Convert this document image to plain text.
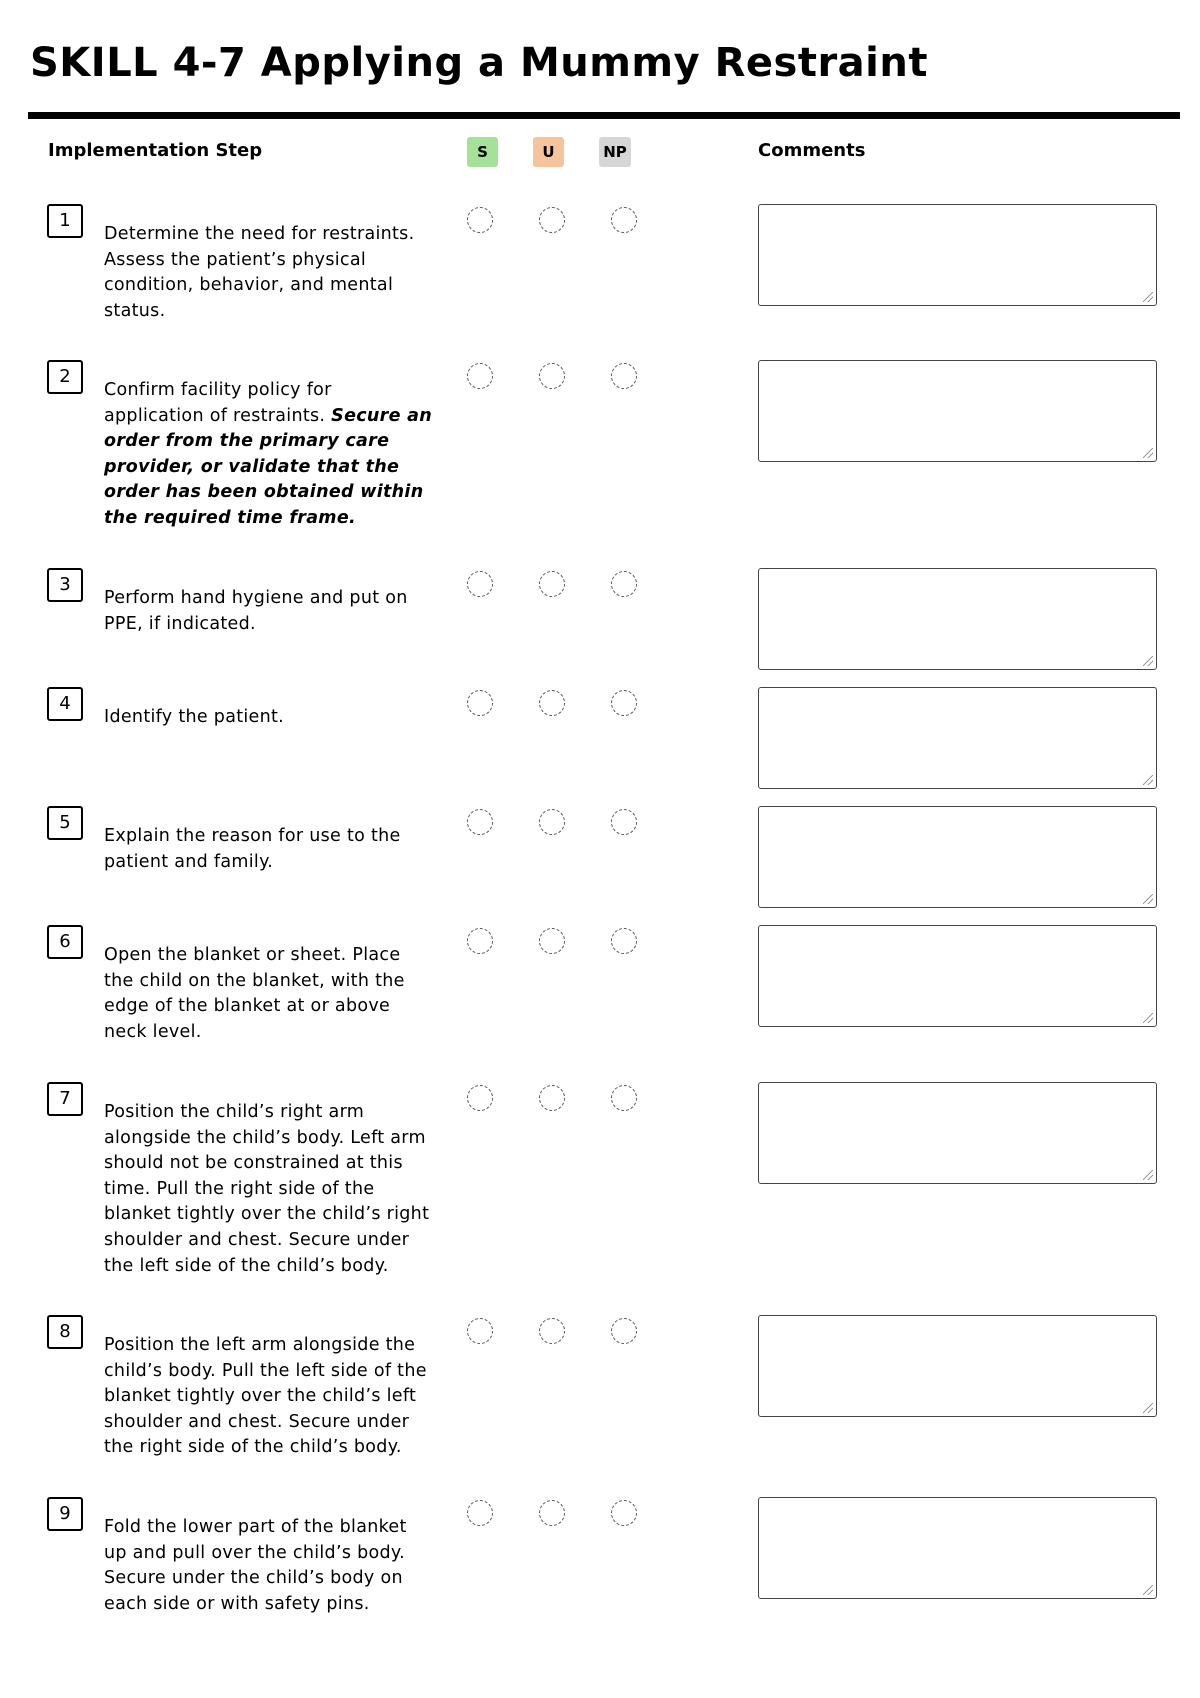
SKILL 4-7 Applying a Mummy Restraint
Implementation Step	S	U	NP	Comments
1
Determine the need for restraints. Assess the patient’s physical condition, behavior, and mental status.
2
Confirm facility policy for application of restraints. Secure an order from the primary care provider, or validate that the order has been obtained within the required time frame.
3
Perform hand hygiene and put on PPE, if indicated.
4
Identify the patient.
5
Explain the reason for use to the patient and family.
6
Open the blanket or sheet. Place the child on the blanket, with the edge of the blanket at or above neck level.
7
Position the child’s right arm alongside the child’s body. Left arm should not be constrained at this time. Pull the right side of the blanket tightly over the child’s right shoulder and chest. Secure under the left side of the child’s body.
8
Position the left arm alongside the child’s body. Pull the left side of the blanket tightly over the child’s left shoulder and chest. Secure under the right side of the child’s body.
9
Fold the lower part of the blanket up and pull over the child’s body. Secure under the child’s body on each side or with safety pins.
